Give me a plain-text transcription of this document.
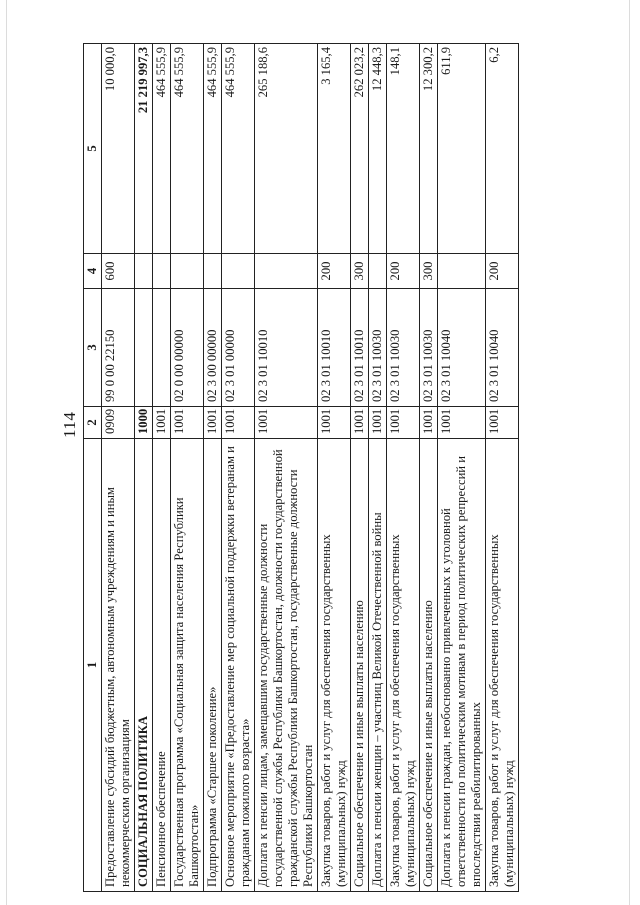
114
1	2	3	4	5
Предоставление субсидий бюджетным, автономным учреждениям и иным некоммерческим организациям	0909	99 0 00 22150	600	10 000,0
СОЦИАЛЬНАЯ ПОЛИТИКА	1000			21 219 997,3
Пенсионное обеспечение	1001			464 555,9
Государственная программа «Социальная защита населения Республики Башкортостан»	1001	02 0 00 00000		464 555,9
Подпрограмма «Старшее поколение»	1001	02 3 00 00000		464 555,9
Основное мероприятие «Предоставление мер социальной поддержки ветеранам и гражданам пожилого возраста»	1001	02 3 01 00000		464 555,9
Доплата к пенсии лицам, замещавшим государственные должности государственной службы Республики Башкортостан, должности государственной гражданской службы Республики Башкортостан, государственные должности Республики Башкортостан	1001	02 3 01 10010		265 188,6
Закупка товаров, работ и услуг для обеспечения государственных (муниципальных) нужд	1001	02 3 01 10010	200	3 165,4
Социальное обеспечение и иные выплаты населению	1001	02 3 01 10010	300	262 023,2
Доплата к пенсии женщин – участниц Великой Отечественной войны	1001	02 3 01 10030		12 448,3
Закупка товаров, работ и услуг для обеспечения государственных (муниципальных) нужд	1001	02 3 01 10030	200	148,1
Социальное обеспечение и иные выплаты населению	1001	02 3 01 10030	300	12 300,2
Доплата к пенсии граждан, необоснованно привлеченных к уголовной ответственности по политическим мотивам в период политических репрессий и впоследствии реабилитированных	1001	02 3 01 10040		611,9
Закупка товаров, работ и услуг для обеспечения государственных (муниципальных) нужд	1001	02 3 01 10040	200	6,2
